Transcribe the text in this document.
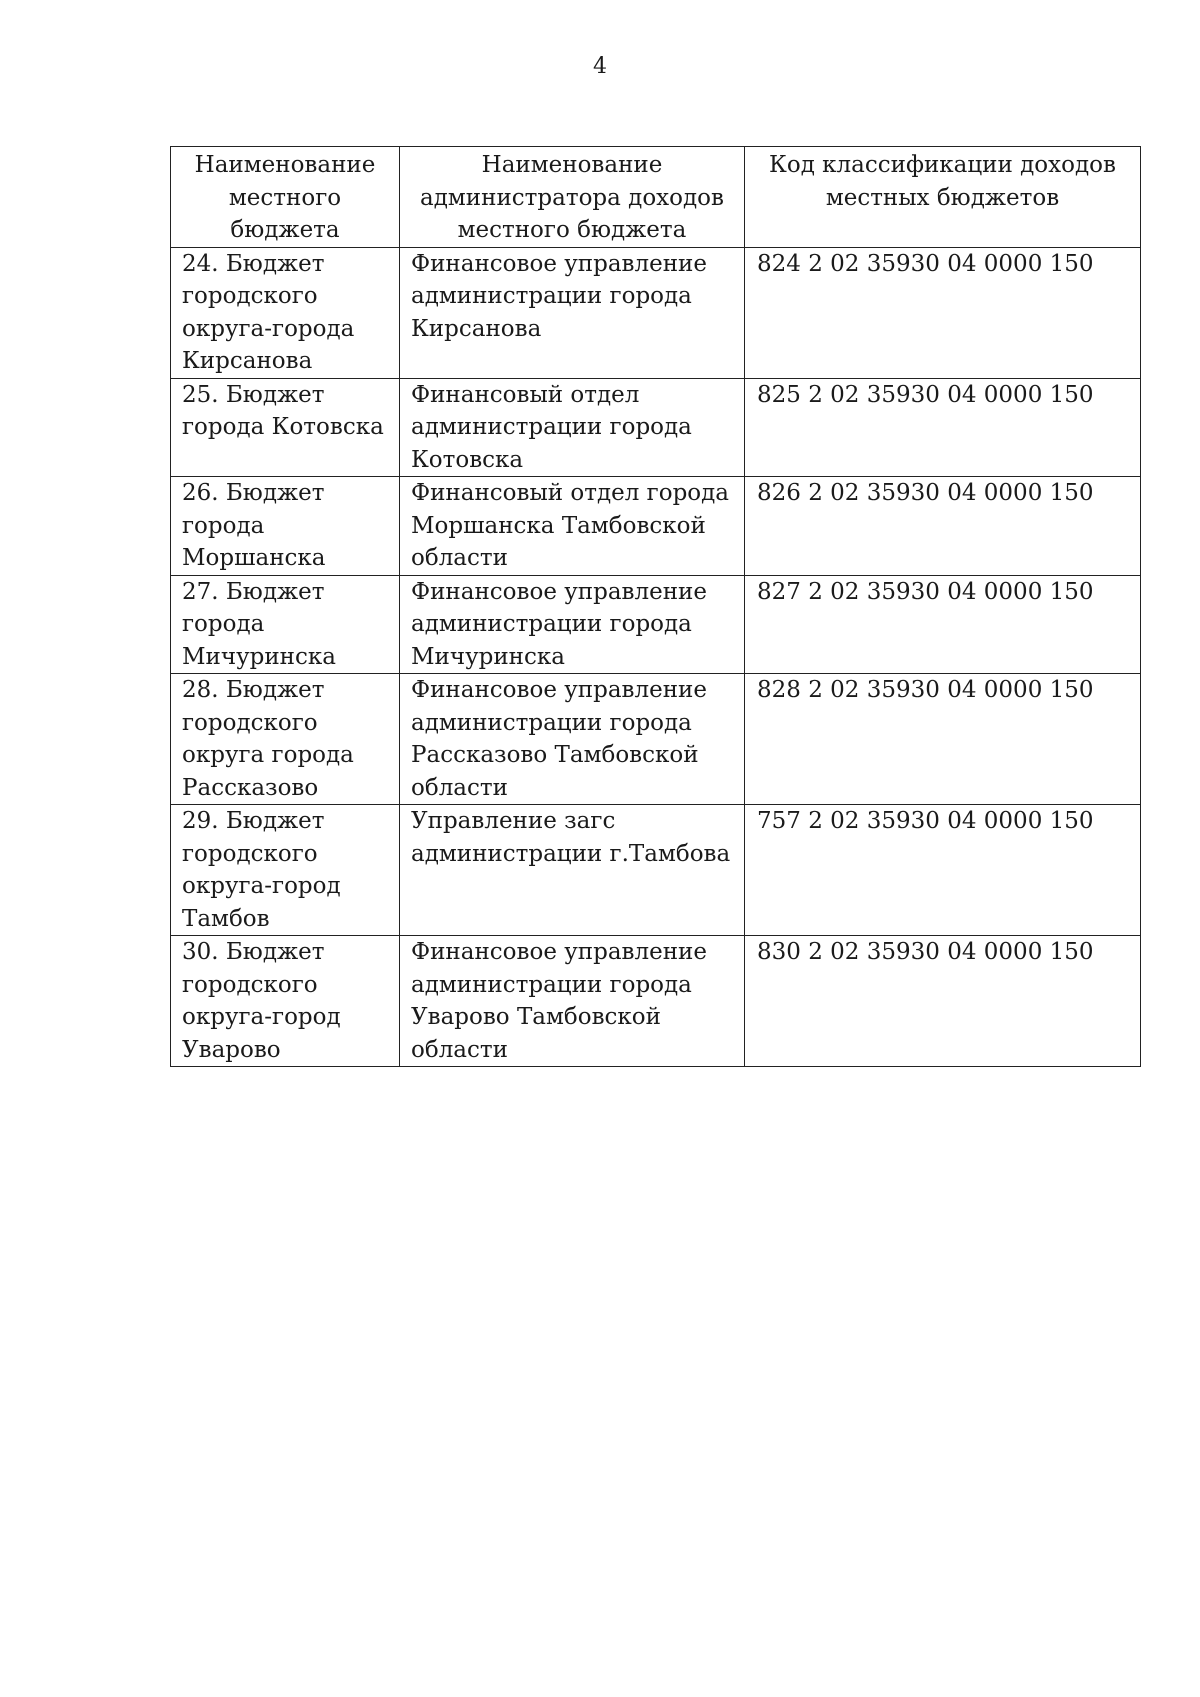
4
Наименование местного бюджета	Наименование администратора доходов местного бюджета	Код классификации доходов местных бюджетов
24. Бюджет городского округа-города Кирсанова	Финансовое управление администрации города Кирсанова	824 2 02 35930 04 0000 150
25. Бюджет города Котовска	Финансовый отдел администрации города Котовска	825 2 02 35930 04 0000 150
26. Бюджет города Моршанска	Финансовый отдел города Моршанска Тамбовской области	826 2 02 35930 04 0000 150
27. Бюджет города Мичуринска	Финансовое управление администрации города Мичуринска	827 2 02 35930 04 0000 150
28. Бюджет городского округа города Рассказово	Финансовое управление администрации города Рассказово Тамбовской области	828 2 02 35930 04 0000 150
29. Бюджет городского округа-город Тамбов	Управление загс администрации г.Тамбова	757 2 02 35930 04 0000 150
30. Бюджет городского округа-город Уварово	Финансовое управление администрации города Уварово Тамбовской области	830 2 02 35930 04 0000 150
